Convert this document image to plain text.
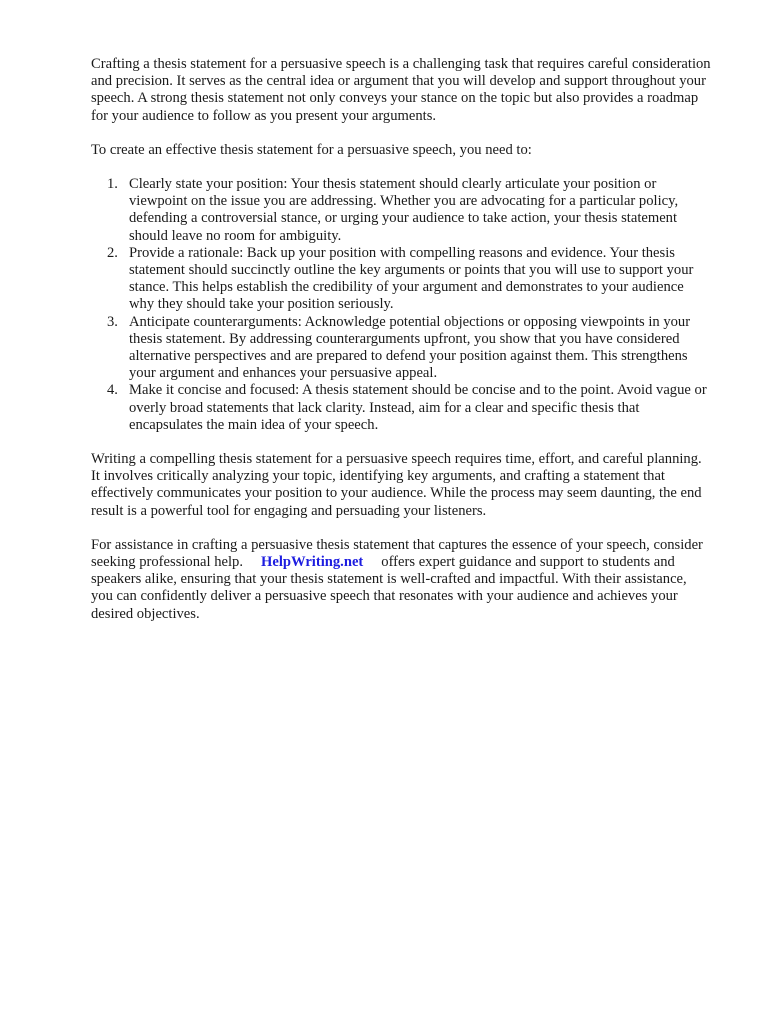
Crafting a thesis statement for a persuasive speech is a challenging task that requires careful consideration and precision. It serves as the central idea or argument that you will develop and support throughout your speech. A strong thesis statement not only conveys your stance on the topic but also provides a roadmap for your audience to follow as you present your arguments.

To create an effective thesis statement for a persuasive speech, you need to:

1. Clearly state your position: Your thesis statement should clearly articulate your position or viewpoint on the issue you are addressing. Whether you are advocating for a particular policy, defending a controversial stance, or urging your audience to take action, your thesis statement should leave no room for ambiguity.
2. Provide a rationale: Back up your position with compelling reasons and evidence. Your thesis statement should succinctly outline the key arguments or points that you will use to support your stance. This helps establish the credibility of your argument and demonstrates to your audience why they should take your position seriously.
3. Anticipate counterarguments: Acknowledge potential objections or opposing viewpoints in your thesis statement. By addressing counterarguments upfront, you show that you have considered alternative perspectives and are prepared to defend your position against them. This strengthens your argument and enhances your persuasive appeal.
4. Make it concise and focused: A thesis statement should be concise and to the point. Avoid vague or overly broad statements that lack clarity. Instead, aim for a clear and specific thesis that encapsulates the main idea of your speech.

Writing a compelling thesis statement for a persuasive speech requires time, effort, and careful planning. It involves critically analyzing your topic, identifying key arguments, and crafting a statement that effectively communicates your position to your audience. While the process may seem daunting, the end result is a powerful tool for engaging and persuading your listeners.

For assistance in crafting a persuasive thesis statement that captures the essence of your speech, consider seeking professional help. HelpWriting.net offers expert guidance and support to students and speakers alike, ensuring that your thesis statement is well-crafted and impactful. With their assistance, you can confidently deliver a persuasive speech that resonates with your audience and achieves your desired objectives.
